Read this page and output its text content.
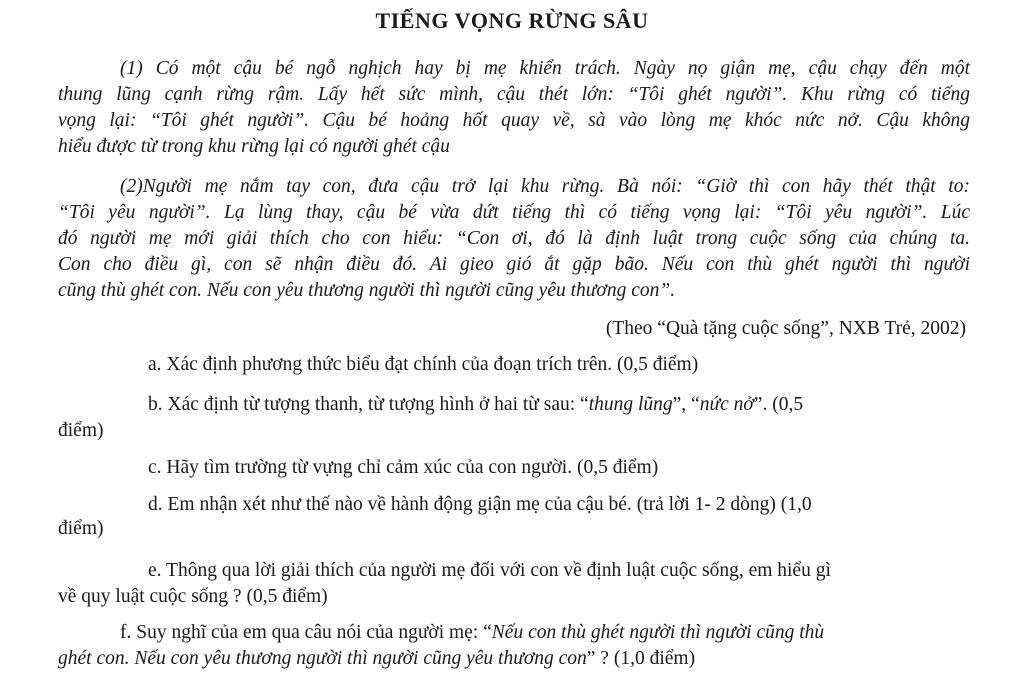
TIẾNG VỌNG RỪNG SÂU
(1) Có một cậu bé ngỗ nghịch hay bị mẹ khiển trách. Ngày nọ giận mẹ, cậu chạy đến một
thung lũng cạnh rừng rậm. Lấy hết sức mình, cậu thét lớn: “Tôi ghét người”. Khu rừng có tiếng
vọng lại: “Tôi ghét người”. Cậu bé hoảng hốt quay về, sà vào lòng mẹ khóc nức nở. Cậu không
hiểu được từ trong khu rừng lại có người ghét cậu
(2)Người mẹ nắm tay con, đưa cậu trở lại khu rừng. Bà nói: “Giờ thì con hãy thét thật to:
“Tôi yêu người”. Lạ lùng thay, cậu bé vừa dứt tiếng thì có tiếng vọng lại: “Tôi yêu người”. Lúc
đó người mẹ mới giải thích cho con hiểu: “Con ơi, đó là định luật trong cuộc sống của chúng ta.
Con cho điều gì, con sẽ nhận điều đó. Ai gieo gió ắt gặp bão. Nếu con thù ghét người thì người
cũng thù ghét con. Nếu con yêu thương người thì người cũng yêu thương con”.
(Theo “Quà tặng cuộc sống”, NXB Trẻ, 2002)
a. Xác định phương thức biểu đạt chính của đoạn trích trên. (0,5 điểm)
b. Xác định từ tượng thanh, từ tượng hình ở hai từ sau: “thung lũng”, “nức nở”. (0,5
điểm)
c. Hãy tìm trường từ vựng chỉ cảm xúc của con người. (0,5 điểm)
d. Em nhận xét như thế nào về hành động giận mẹ của cậu bé. (trả lời 1- 2 dòng) (1,0
điểm)
e. Thông qua lời giải thích của người mẹ đối với con về định luật cuộc sống, em hiểu gì
về quy luật cuộc sống ? (0,5 điểm)
f. Suy nghĩ của em qua câu nói của người mẹ: “Nếu con thù ghét người thì người cũng thù
ghét con. Nếu con yêu thương người thì người cũng yêu thương con” ? (1,0 điểm)
